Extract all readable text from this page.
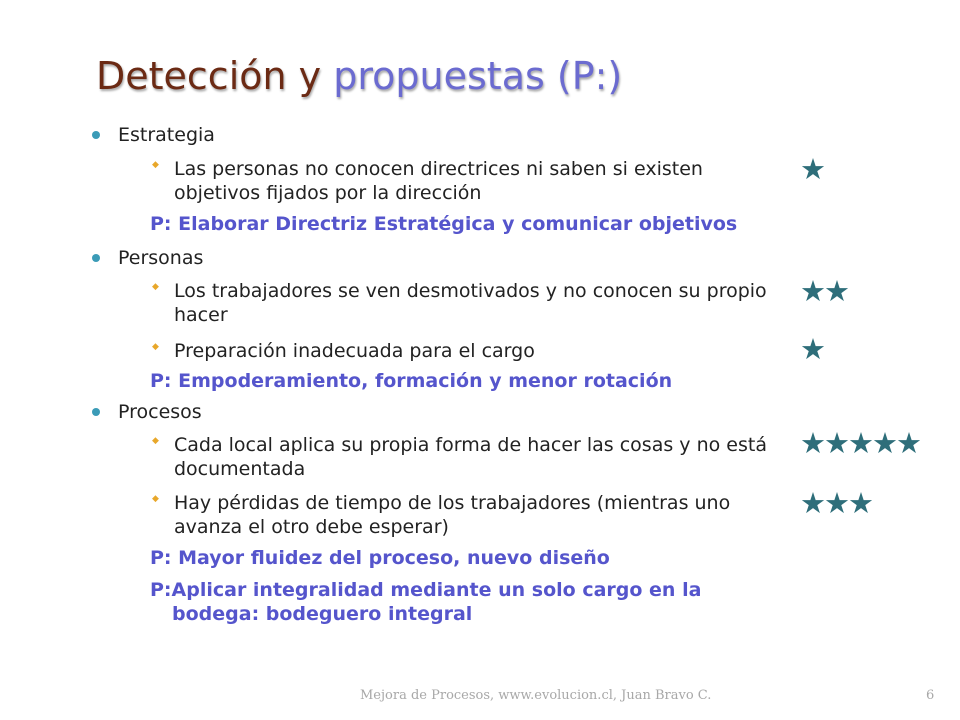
Detección y propuestas (P:)
Estrategia
◆ Las personas no conocen directrices ni saben si existen
objetivos fijados por la dirección
★
P: Elaborar Directriz Estratégica y comunicar objetivos
Personas
◆ Los trabajadores se ven desmotivados y no conocen su propio
hacer
★★
◆ Preparación inadecuada para el cargo	★
P: Empoderamiento, formación y menor rotación
Procesos
◆ Cada local aplica su propia forma de hacer las cosas y no está
documentada
★★★★★
◆ Hay pérdidas de tiempo de los trabajadores (mientras uno
avanza el otro debe esperar)
★★★
P: Mayor fluidez del proceso, nuevo diseño
P:Aplicar integralidad mediante un solo cargo en la
bodega: bodeguero integral
Mejora de Procesos, www.evolucion.cl, Juan Bravo C.	6
